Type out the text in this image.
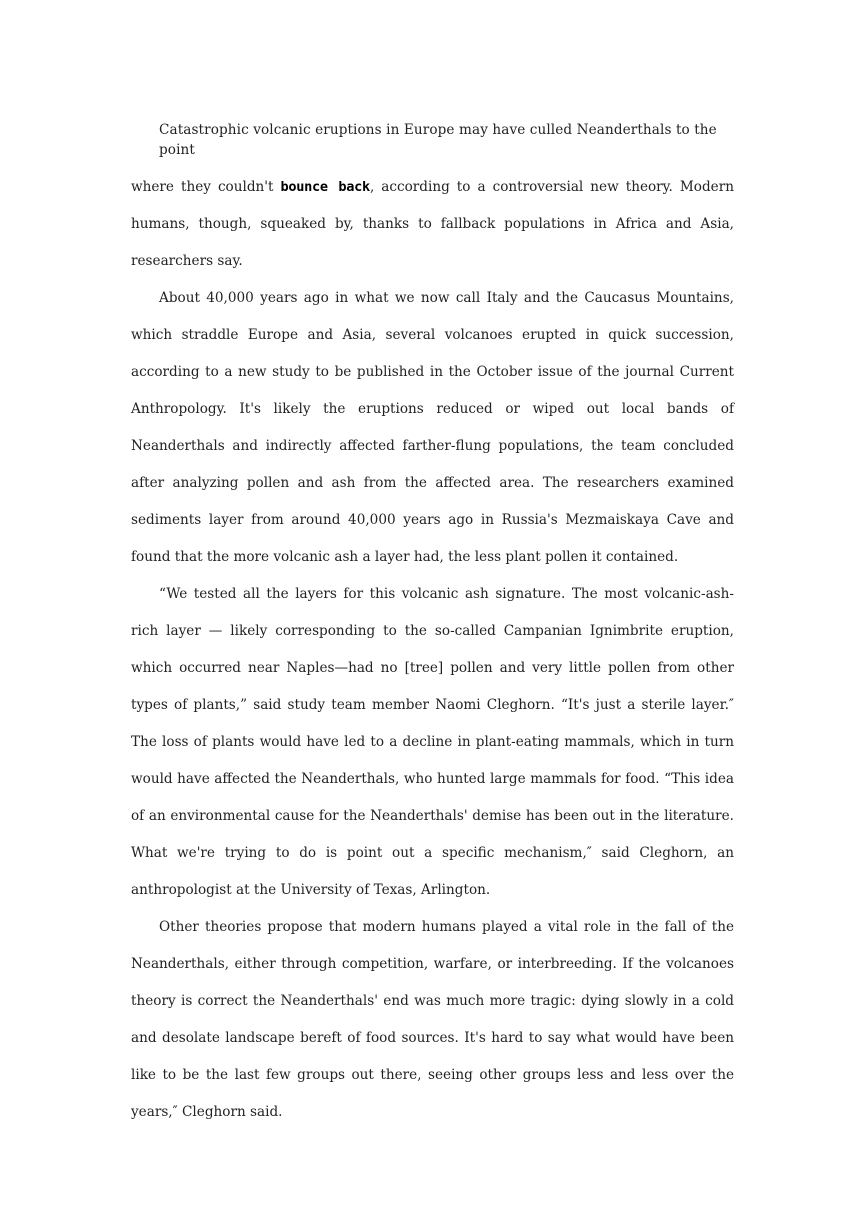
Catastrophic volcanic eruptions in Europe may have culled Neanderthals to the point

where they couldn't bounce back, according to a controversial new theory. Modern humans, though, squeaked by, thanks to fallback populations in Africa and Asia, researchers say.

About 40,000 years ago in what we now call Italy and the Caucasus Mountains, which straddle Europe and Asia, several volcanoes erupted in quick succession, according to a new study to be published in the October issue of the journal Current Anthropology. It's likely the eruptions reduced or wiped out local bands of Neanderthals and indirectly affected farther-flung populations, the team concluded after analyzing pollen and ash from the affected area. The researchers examined sediments layer from around 40,000 years ago in Russia's Mezmaiskaya Cave and found that the more volcanic ash a layer had, the less plant pollen it contained.

“We tested all the layers for this volcanic ash signature. The most volcanic-ash-rich layer — likely corresponding to the so-called Campanian Ignimbrite eruption, which occurred near Naples—had no [tree] pollen and very little pollen from other types of plants,” said study team member Naomi Cleghorn. “It's just a sterile layer.″ The loss of plants would have led to a decline in plant-eating mammals, which in turn would have affected the Neanderthals, who hunted large mammals for food. “This idea of an environmental cause for the Neanderthals' demise has been out in the literature. What we're trying to do is point out a specific mechanism,″ said Cleghorn, an anthropologist at the University of Texas, Arlington.

Other theories propose that modern humans played a vital role in the fall of the Neanderthals, either through competition, warfare, or interbreeding. If the volcanoes theory is correct the Neanderthals' end was much more tragic: dying slowly in a cold and desolate landscape bereft of food sources. It's hard to say what would have been like to be the last few groups out there, seeing other groups less and less over the years,″ Cleghorn said.
